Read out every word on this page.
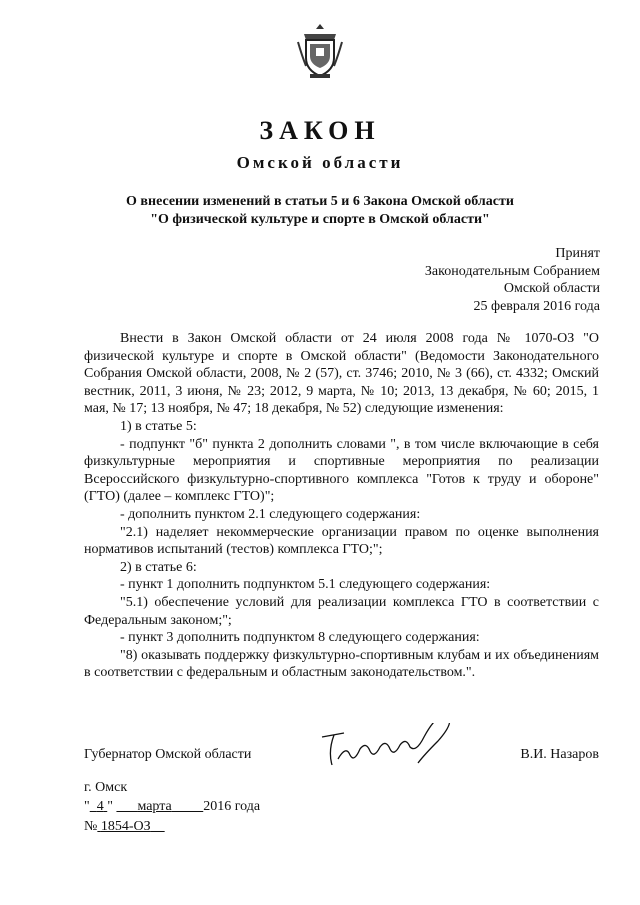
ЗАКОН
Омской области
О внесении изменений в статьи 5 и 6 Закона Омской области
"О физической культуре и спорте в Омской области"
Принят
Законодательным Собранием
Омской области
25 февраля 2016 года

Внести в Закон Омской области от 24 июля 2008 года № 1070-ОЗ "О физической культуре и спорте в Омской области" (Ведомости Законодательного Собрания Омской области, 2008, № 2 (57), ст. 3746; 2010, № 3 (66), ст. 4332; Омский вестник, 2011, 3 июня, № 23; 2012, 9 марта, № 10; 2013, 13 декабря, № 60; 2015, 1 мая, № 17; 13 ноября, № 47; 18 декабря, № 52) следующие изменения:

1) в статье 5:

- подпункт "б" пункта 2 дополнить словами ", в том числе включающие в себя физкультурные мероприятия и спортивные мероприятия по реализации Всероссийского физкультурно-спортивного комплекса "Готов к труду и обороне" (ГТО) (далее – комплекс ГТО)";

- дополнить пунктом 2.1 следующего содержания:

"2.1) наделяет некоммерческие организации правом по оценке выполнения нормативов испытаний (тестов) комплекса ГТО;";

2) в статье 6:

- пункт 1 дополнить подпунктом 5.1 следующего содержания:

"5.1) обеспечение условий для реализации комплекса ГТО в соответствии с Федеральным законом;";

- пункт 3 дополнить подпунктом 8 следующего содержания:

"8) оказывать поддержку физкультурно-спортивным клубам и их объединениям в соответствии с федеральным и областным законодательством.".

Губернатор Омской области	В.И. Назаров
г. Омск
" 4 " марта 2016 года
№ 1854-ОЗ
